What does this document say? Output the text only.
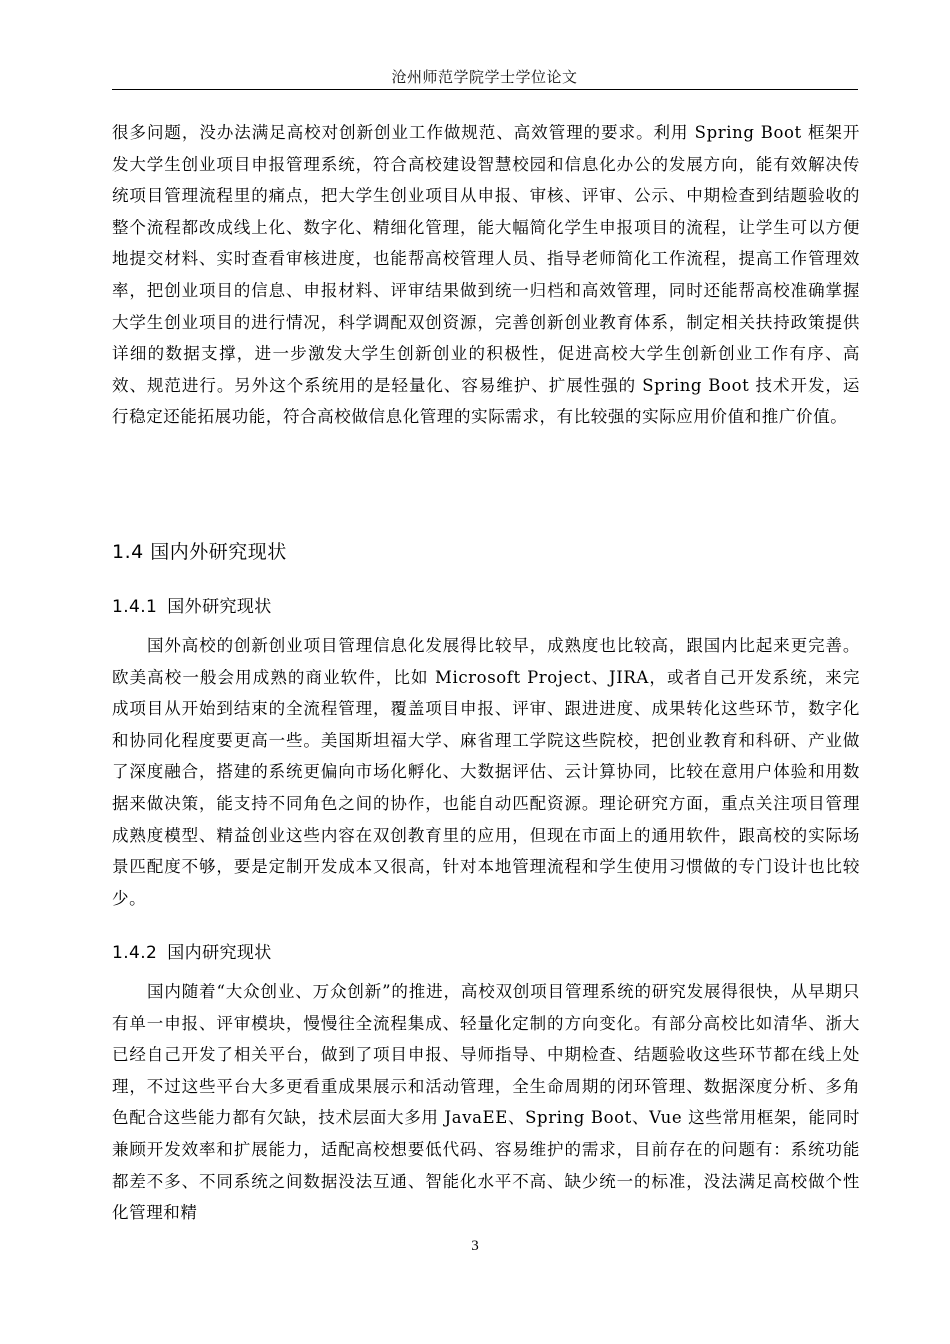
沧州师范学院学士学位论文

很多问题，没办法满足高校对创新创业工作做规范、高效管理的要求。利用 Spring Boot 框架开发大学生创业项目申报管理系统，符合高校建设智慧校园和信息化办公的发展方向，能有效解决传统项目管理流程里的痛点，把大学生创业项目从申报、审核、评审、公示、中期检查到结题验收的整个流程都改成线上化、数字化、精细化管理，能大幅简化学生申报项目的流程，让学生可以方便地提交材料、实时查看审核进度，也能帮高校管理人员、指导老师简化工作流程，提高工作管理效率，把创业项目的信息、申报材料、评审结果做到统一归档和高效管理，同时还能帮高校准确掌握大学生创业项目的进行情况，科学调配双创资源，完善创新创业教育体系，制定相关扶持政策提供详细的数据支撑，进一步激发大学生创新创业的积极性，促进高校大学生创新创业工作有序、高效、规范进行。另外这个系统用的是轻量化、容易维护、扩展性强的 Spring Boot 技术开发，运行稳定还能拓展功能，符合高校做信息化管理的实际需求，有比较强的实际应用价值和推广价值。

1.4 国内外研究现状
1.4.1 国外研究现状

国外高校的创新创业项目管理信息化发展得比较早，成熟度也比较高，跟国内比起来更完善。欧美高校一般会用成熟的商业软件，比如 Microsoft Project、JIRA，或者自己开发系统，来完成项目从开始到结束的全流程管理，覆盖项目申报、评审、跟进进度、成果转化这些环节，数字化和协同化程度要更高一些。美国斯坦福大学、麻省理工学院这些院校，把创业教育和科研、产业做了深度融合，搭建的系统更偏向市场化孵化、大数据评估、云计算协同，比较在意用户体验和用数据来做决策，能支持不同角色之间的协作，也能自动匹配资源。理论研究方面，重点关注项目管理成熟度模型、精益创业这些内容在双创教育里的应用，但现在市面上的通用软件，跟高校的实际场景匹配度不够，要是定制开发成本又很高，针对本地管理流程和学生使用习惯做的专门设计也比较少。

1.4.2 国内研究现状

国内随着“大众创业、万众创新”的推进，高校双创项目管理系统的研究发展得很快，从早期只有单一申报、评审模块，慢慢往全流程集成、轻量化定制的方向变化。有部分高校比如清华、浙大已经自己开发了相关平台，做到了项目申报、导师指导、中期检查、结题验收这些环节都在线上处理，不过这些平台大多更看重成果展示和活动管理，全生命周期的闭环管理、数据深度分析、多角色配合这些能力都有欠缺，技术层面大多用 JavaEE、Spring Boot、Vue 这些常用框架，能同时兼顾开发效率和扩展能力，适配高校想要低代码、容易维护的需求，目前存在的问题有：系统功能都差不多、不同系统之间数据没法互通、智能化水平不高、缺少统一的标准，没法满足高校做个性化管理和精

3
